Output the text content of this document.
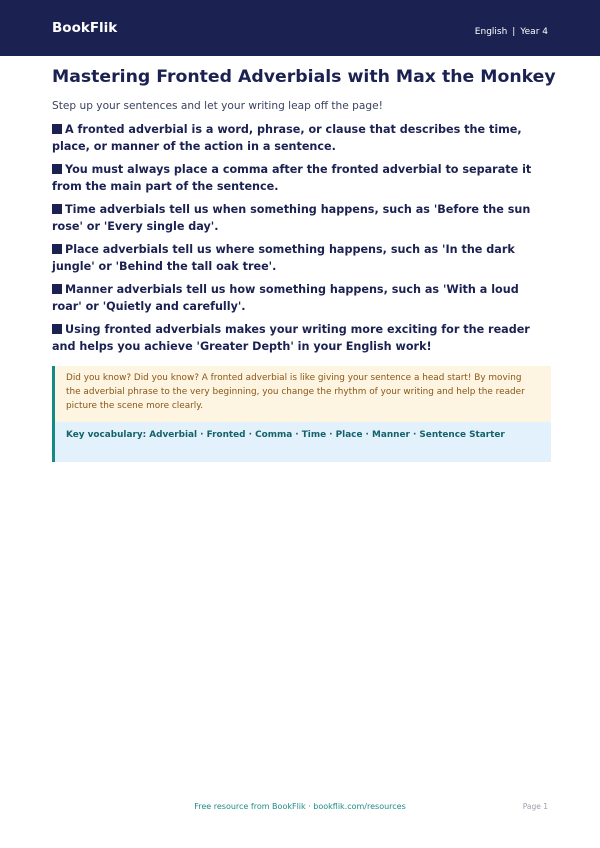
BookFlik	English | Year 4
Mastering Fronted Adverbials with Max the Monkey

Step up your sentences and let your writing leap off the page!

A fronted adverbial is a word, phrase, or clause that describes the time, place, or manner of the action in a sentence.
You must always place a comma after the fronted adverbial to separate it from the main part of the sentence.
Time adverbials tell us when something happens, such as 'Before the sun rose' or 'Every single day'.
Place adverbials tell us where something happens, such as 'In the dark jungle' or 'Behind the tall oak tree'.
Manner adverbials tell us how something happens, such as 'With a loud roar' or 'Quietly and carefully'.
Using fronted adverbials makes your writing more exciting for the reader and helps you achieve 'Greater Depth' in your English work!
Did you know? Did you know? A fronted adverbial is like giving your sentence a head start! By moving the adverbial phrase to the very beginning, you change the rhythm of your writing and help the reader picture the scene more clearly.
Key vocabulary: Adverbial · Fronted · Comma · Time · Place · Manner · Sentence Starter
Free resource from BookFlik · bookflik.com/resources	Page 1
